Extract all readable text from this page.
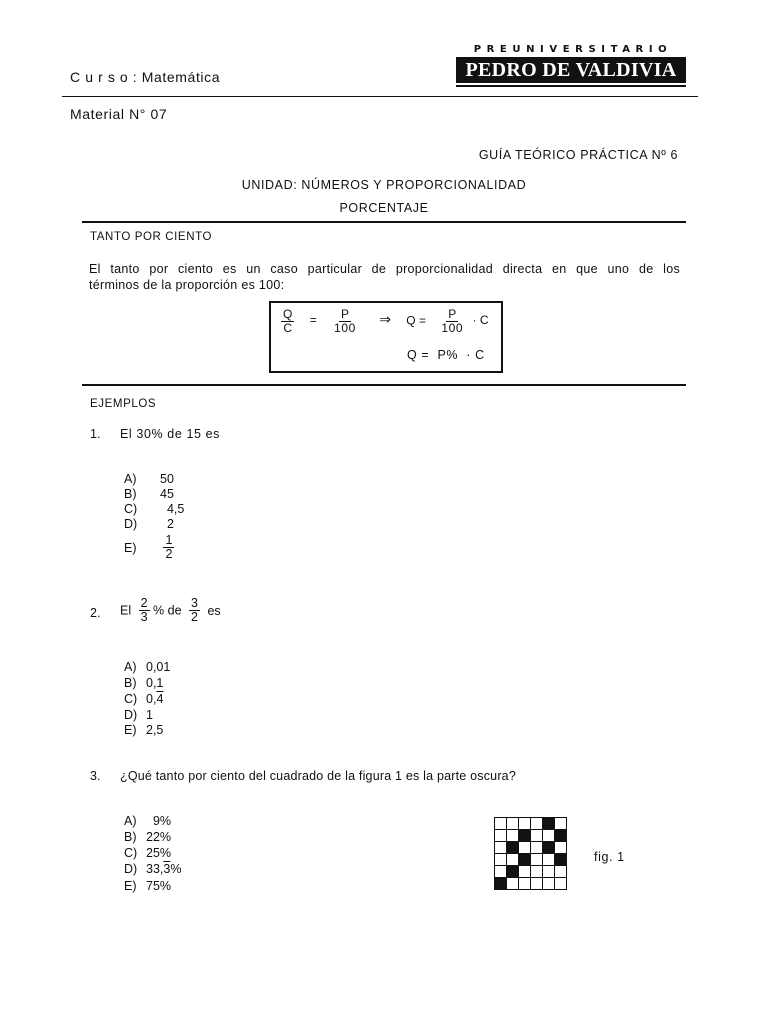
C u r s o : Matemática
PREUNIVERSITARIO
PEDRO DE VALDIVIA
Material N° 07
GUÍA TEÓRICO PRÁCTICA Nº 6
UNIDAD: NÚMEROS Y PROPORCIONALIDAD
PORCENTAJE
TANTO POR CIENTO
El tanto por ciento es un caso particular de proporcionalidad directa en que uno de los
términos de la proporción es 100:
$\frac{Q}{C} = \frac{P}{100}$ ⇒ $Q = \frac{P}{100} \cdot C$
Q =  P%  · C
EJEMPLOS
1. El 30% de 15 es
A) 50
B) 45
C)  4,5
D)  2
$E) \frac{1}{2}$
2. El $\frac{2}{3}$ % de $\frac{3}{2}$ es
A) 0,01
B) 0,1
C) 0,4
D) 1
E) 2,5
3. ¿Qué tanto por ciento del cuadrado de la figura 1 es la parte oscura?
A)  9%
B) 22%
C) 25%
D) 33,3%
E) 75%
fig. 1
